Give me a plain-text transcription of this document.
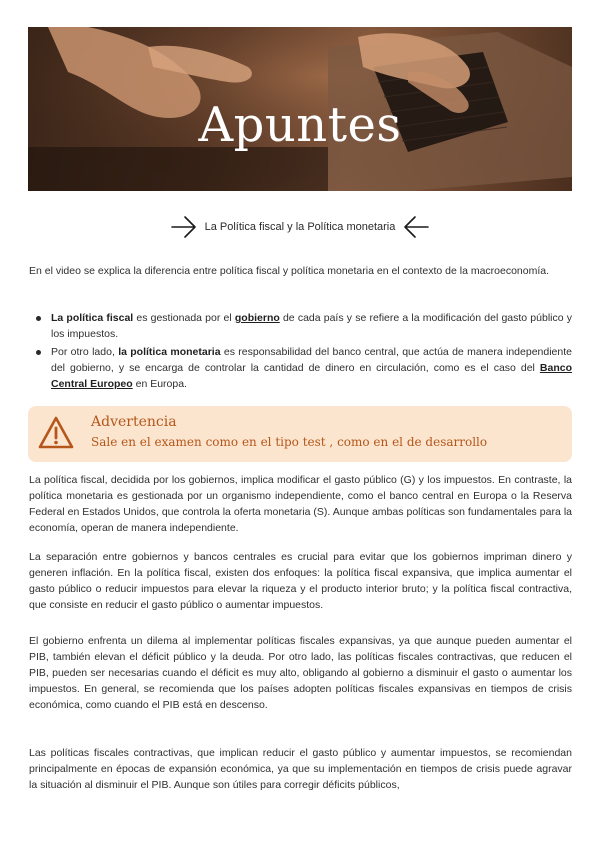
Apuntes
La Política fiscal y la Política monetaria
En el video se explica la diferencia entre política fiscal y política monetaria en el contexto de la macroeconomía.
La política fiscal es gestionada por el gobierno de cada país y se refiere a la modificación del gasto público y los impuestos.
Por otro lado, la política monetaria es responsabilidad del banco central, que actúa de manera independiente del gobierno, y se encarga de controlar la cantidad de dinero en circulación, como es el caso del Banco Central Europeo en Europa.
Advertencia
Sale en el examen como en el tipo test , como en el de desarrollo
La política fiscal, decidida por los gobiernos, implica modificar el gasto público (G) y los impuestos. En contraste, la política monetaria es gestionada por un organismo independiente, como el banco central en Europa o la Reserva Federal en Estados Unidos, que controla la oferta monetaria (S). Aunque ambas políticas son fundamentales para la economía, operan de manera independiente.
La separación entre gobiernos y bancos centrales es crucial para evitar que los gobiernos impriman dinero y generen inflación. En la política fiscal, existen dos enfoques: la política fiscal expansiva, que implica aumentar el gasto público o reducir impuestos para elevar la riqueza y el producto interior bruto; y la política fiscal contractiva, que consiste en reducir el gasto público o aumentar impuestos.
El gobierno enfrenta un dilema al implementar políticas fiscales expansivas, ya que aunque pueden aumentar el PIB, también elevan el déficit público y la deuda. Por otro lado, las políticas fiscales contractivas, que reducen el PIB, pueden ser necesarias cuando el déficit es muy alto, obligando al gobierno a disminuir el gasto o aumentar los impuestos. En general, se recomienda que los países adopten políticas fiscales expansivas en tiempos de crisis económica, como cuando el PIB está en descenso.
Las políticas fiscales contractivas, que implican reducir el gasto público y aumentar impuestos, se recomiendan principalmente en épocas de expansión económica, ya que su implementación en tiempos de crisis puede agravar la situación al disminuir el PIB. Aunque son útiles para corregir déficits públicos,
